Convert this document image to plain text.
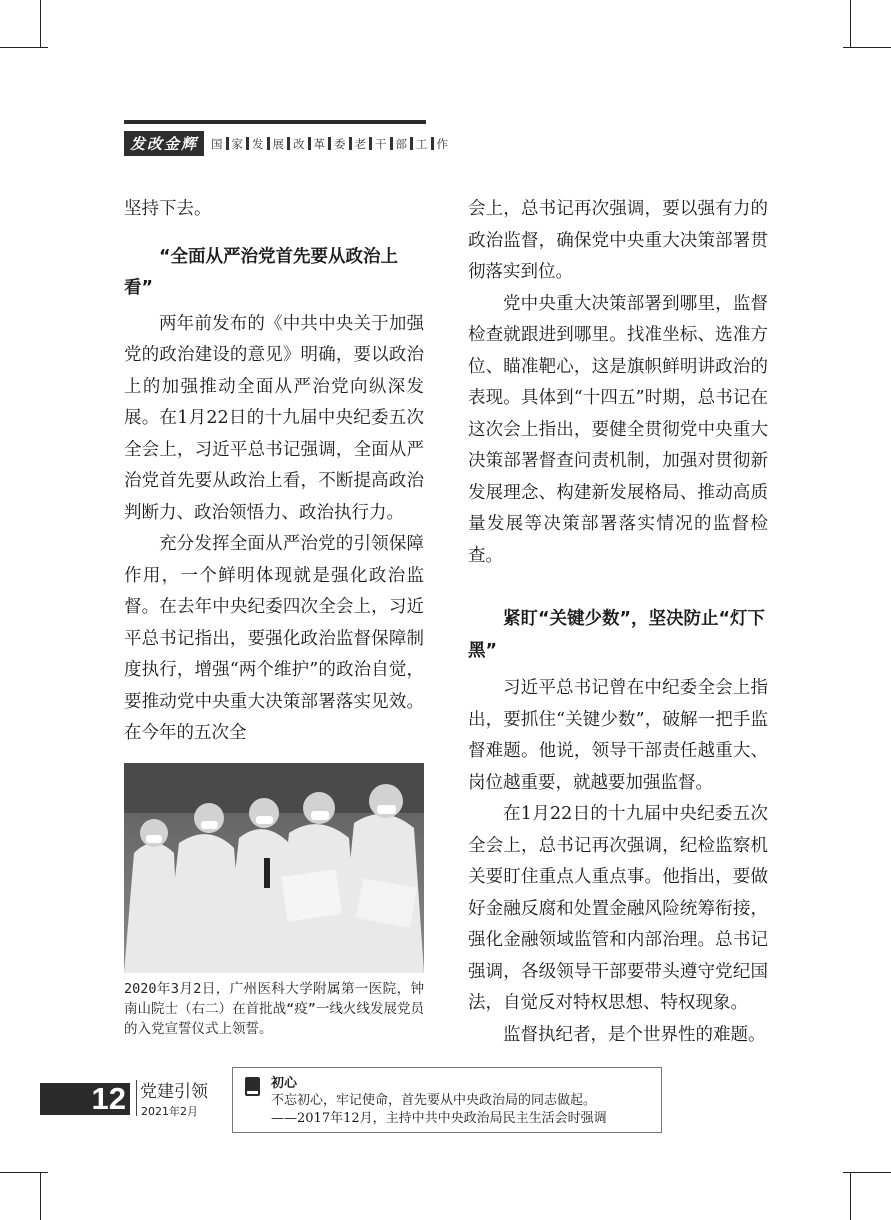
发改金辉	国 家 发 展 改 革 委 老 干 部 工 作

坚持下去。

“全面从严治党首先要从政治上看”

两年前发布的《中共中央关于加强党的政治建设的意见》明确，要以政治上的加强推动全面从严治党向纵深发展。在1月22日的十九届中央纪委五次全会上，习近平总书记强调，全面从严治党首先要从政治上看，不断提高政治判断力、政治领悟力、政治执行力。

充分发挥全面从严治党的引领保障作用，一个鲜明体现就是强化政治监督。在去年中央纪委四次全会上，习近平总书记指出，要强化政治监督保障制度执行，增强“两个维护”的政治自觉，要推动党中央重大决策部署落实见效。在今年的五次全

2020年3月2日，广州医科大学附属第一医院，钟南山院士（右二）在首批战“疫”一线火线发展党员的入党宣誓仪式上领誓。

会上，总书记再次强调，要以强有力的政治监督，确保党中央重大决策部署贯彻落实到位。

党中央重大决策部署到哪里，监督检查就跟进到哪里。找准坐标、选准方位、瞄准靶心，这是旗帜鲜明讲政治的表现。具体到“十四五”时期，总书记在这次会上指出，要健全贯彻党中央重大决策部署督查问责机制，加强对贯彻新发展理念、构建新发展格局、推动高质量发展等决策部署落实情况的监督检查。

紧盯“关键少数”，坚决防止“灯下黑”

习近平总书记曾在中纪委全会上指出，要抓住“关键少数”，破解一把手监督难题。他说，领导干部责任越重大、岗位越重要，就越要加强监督。

在1月22日的十九届中央纪委五次全会上，总书记再次强调，纪检监察机关要盯住重点人重点事。他指出，要做好金融反腐和处置金融风险统筹衔接，强化金融领域监管和内部治理。总书记强调，各级领导干部要带头遵守党纪国法，自觉反对特权思想、特权现象。

监督执纪者，是个世界性的难题。

12 党建引领
2021年2月
初心
不忘初心，牢记使命，首先要从中央政治局的同志做起。
——2017年12月，主持中共中央政治局民主生活会时强调
